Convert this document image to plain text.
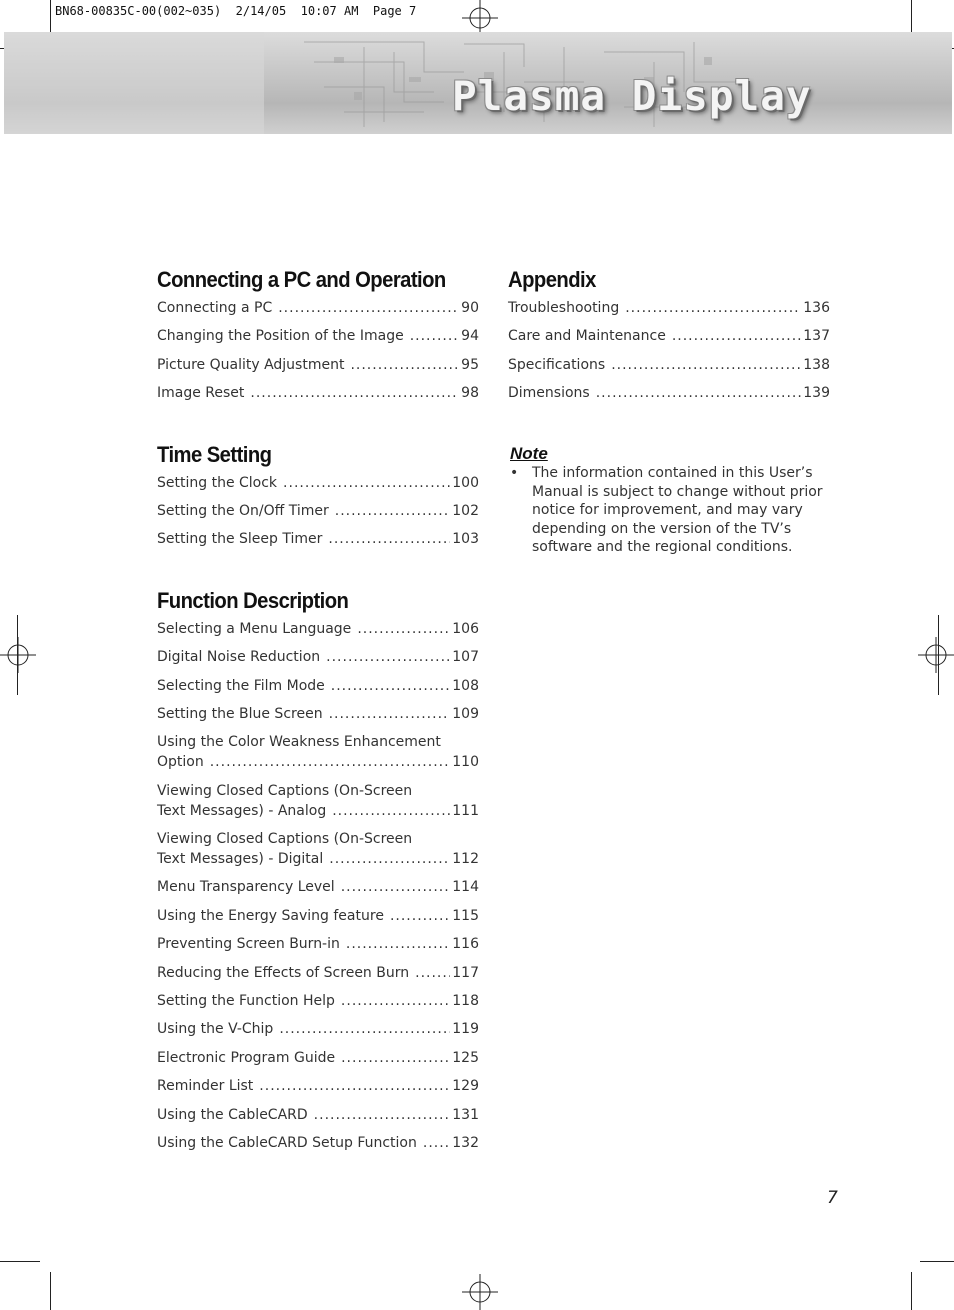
BN68-00835C-00(002~035)  2/14/05  10:07 AM  Page 7
Plasma Display
Connecting a PC and Operation
Connecting a PC .....	90
Changing the Position of the Image .....	94
Picture Quality Adjustment .....	95
Image Reset .....	98
Time Setting
Setting the Clock .....	100
Setting the On/Off Timer .....	102
Setting the Sleep Timer .....	103
Function Description
Selecting a Menu Language .....	106
Digital Noise Reduction .....	107
Selecting the Film Mode .....	108
Setting the Blue Screen .....	109
Using the Color Weakness Enhancement
Option .....	110
Viewing Closed Captions (On-Screen
Text Messages) - Analog .....	111
Viewing Closed Captions (On-Screen
Text Messages) - Digital .....	112
Menu Transparency Level .....	114
Using the Energy Saving feature .....	115
Preventing Screen Burn-in .....	116
Reducing the Effects of Screen Burn .....	117
Setting the Function Help .....	118
Using the V-Chip .....	119
Electronic Program Guide .....	125
Reminder List .....	129
Using the CableCARD .....	131
Using the CableCARD Setup Function .....	132
Appendix
Troubleshooting .....	136
Care and Maintenance .....	137
Specifications .....	138
Dimensions .....	139
Note
• The information contained in this User’s Manual is subject to change without prior notice for improvement, and may vary depending on the version of the TV’s software and the regional conditions.
7
